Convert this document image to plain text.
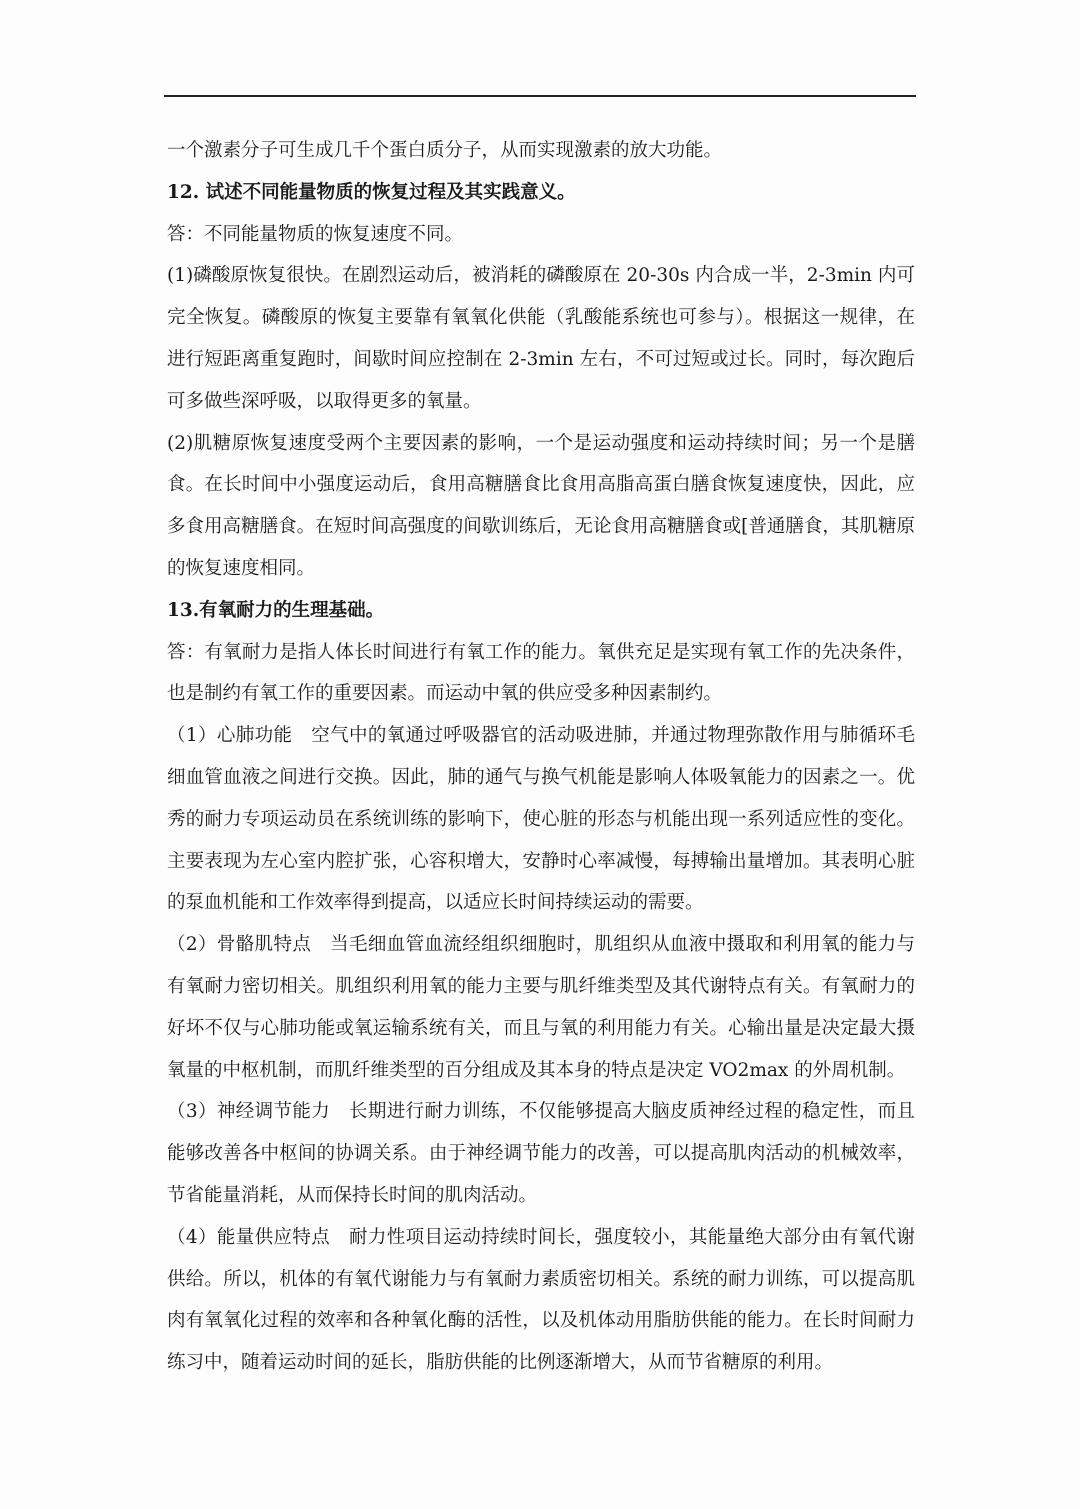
一个激素分子可生成几千个蛋白质分子，从而实现激素的放大功能。

12. 试述不同能量物质的恢复过程及其实践意义。

答：不同能量物质的恢复速度不同。

(1)磷酸原恢复很快。在剧烈运动后，被消耗的磷酸原在 20-30s 内合成一半，2-3min 内可完全恢复。磷酸原的恢复主要靠有氧氧化供能（乳酸能系统也可参与）。根据这一规律，在进行短距离重复跑时，间歇时间应控制在 2-3min 左右，不可过短或过长。同时，每次跑后可多做些深呼吸，以取得更多的氧量。

(2)肌糖原恢复速度受两个主要因素的影响，一个是运动强度和运动持续时间；另一个是膳食。在长时间中小强度运动后，食用高糖膳食比食用高脂高蛋白膳食恢复速度快，因此，应多食用高糖膳食。在短时间高强度的间歇训练后，无论食用高糖膳食或[普通膳食，其肌糖原的恢复速度相同。

13.有氧耐力的生理基础。

答：有氧耐力是指人体长时间进行有氧工作的能力。氧供充足是实现有氧工作的先决条件，也是制约有氧工作的重要因素。而运动中氧的供应受多种因素制约。

（1）心肺功能　空气中的氧通过呼吸器官的活动吸进肺，并通过物理弥散作用与肺循环毛细血管血液之间进行交换。因此，肺的通气与换气机能是影响人体吸氧能力的因素之一。优秀的耐力专项运动员在系统训练的影响下，使心脏的形态与机能出现一系列适应性的变化。主要表现为左心室内腔扩张，心容积增大，安静时心率减慢，每搏输出量增加。其表明心脏的泵血机能和工作效率得到提高，以适应长时间持续运动的需要。

（2）骨骼肌特点　当毛细血管血流经组织细胞时，肌组织从血液中摄取和利用氧的能力与有氧耐力密切相关。肌组织利用氧的能力主要与肌纤维类型及其代谢特点有关。有氧耐力的好坏不仅与心肺功能或氧运输系统有关，而且与氧的利用能力有关。心输出量是决定最大摄氧量的中枢机制，而肌纤维类型的百分组成及其本身的特点是决定 VO2max 的外周机制。

（3）神经调节能力　长期进行耐力训练，不仅能够提高大脑皮质神经过程的稳定性，而且能够改善各中枢间的协调关系。由于神经调节能力的改善，可以提高肌肉活动的机械效率，节省能量消耗，从而保持长时间的肌肉活动。

（4）能量供应特点　耐力性项目运动持续时间长，强度较小，其能量绝大部分由有氧代谢供给。所以，机体的有氧代谢能力与有氧耐力素质密切相关。系统的耐力训练，可以提高肌肉有氧氧化过程的效率和各种氧化酶的活性，以及机体动用脂肪供能的能力。在长时间耐力练习中，随着运动时间的延长，脂肪供能的比例逐渐增大，从而节省糖原的利用。
